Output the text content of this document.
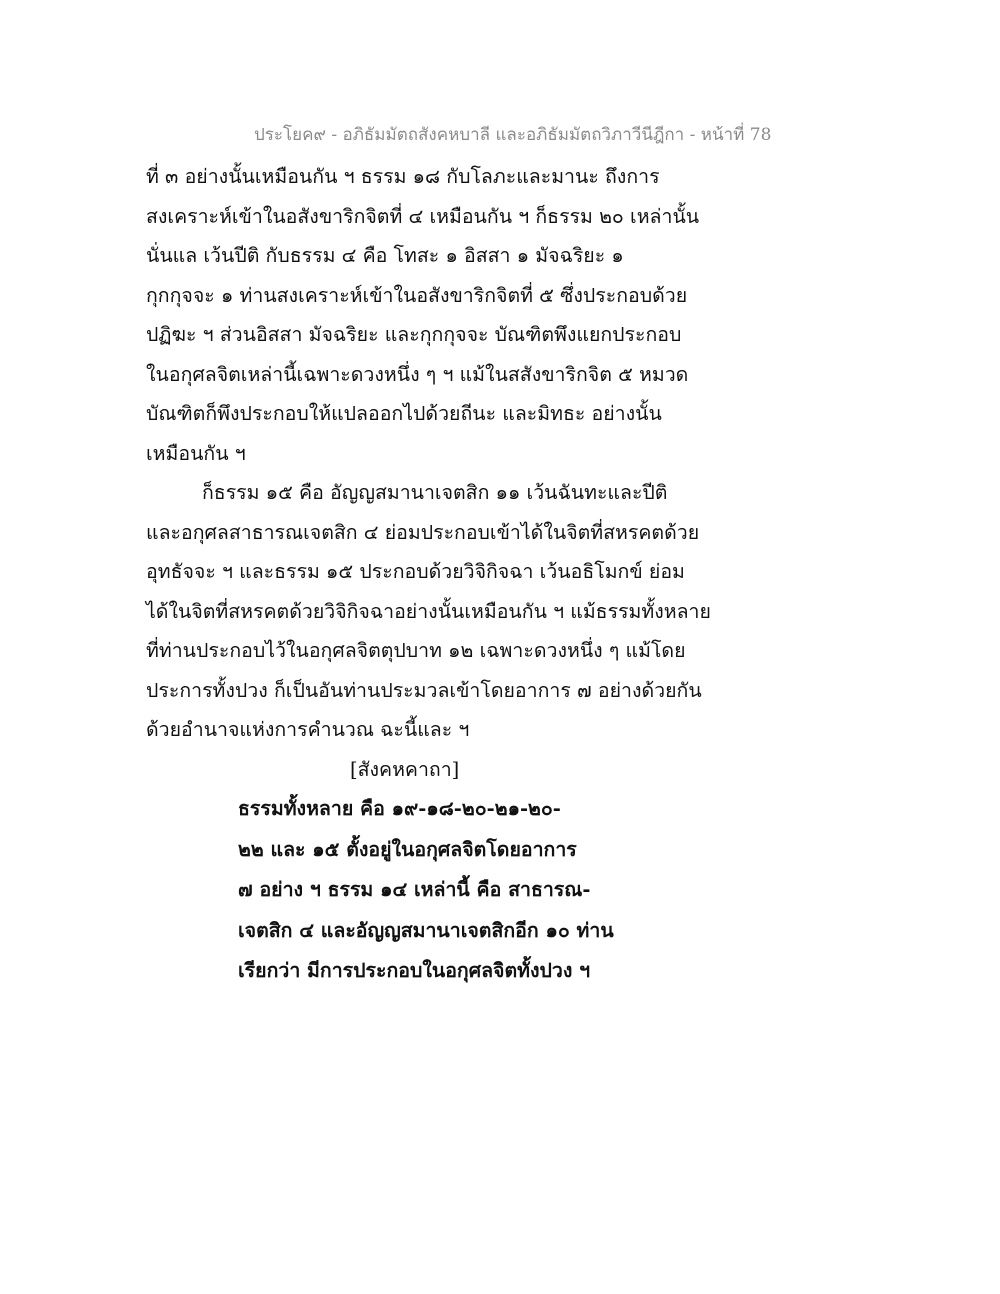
ประโยค๙ - อภิธัมมัตถสังคหบาลี และอภิธัมมัตถวิภาวีนีฎีกา - หน้าที่ 78
ที่ ๓ อย่างนั้นเหมือนกัน ฯ ธรรม ๑๘ กับโลภะและมานะ ถึงการ
สงเคราะห์เข้าในอสังขาริกจิตที่ ๔ เหมือนกัน ฯ ก็ธรรม ๒๐ เหล่านั้น
นั่นแล เว้นปีติ กับธรรม ๔ คือ โทสะ ๑ อิสสา ๑ มัจฉริยะ ๑
กุกกุจจะ ๑ ท่านสงเคราะห์เข้าในอสังขาริกจิตที่ ๕ ซึ่งประกอบด้วย
ปฏิฆะ ฯ ส่วนอิสสา มัจฉริยะ และกุกกุจจะ บัณฑิตพึงแยกประกอบ
ในอกุศลจิตเหล่านี้เฉพาะดวงหนึ่ง ๆ ฯ แม้ในสสังขาริกจิต ๕ หมวด
บัณฑิตก็พึงประกอบให้แปลออกไปด้วยถีนะ และมิทธะ อย่างนั้น
เหมือนกัน ฯ
ก็ธรรม ๑๕ คือ อัญญสมานาเจตสิก ๑๑ เว้นฉันทะและปีติ
และอกุศลสาธารณเจตสิก ๔ ย่อมประกอบเข้าได้ในจิตที่สหรคตด้วย
อุทธัจจะ ฯ และธรรม ๑๕ ประกอบด้วยวิจิกิจฉา เว้นอธิโมกข์ ย่อม
ได้ในจิตที่สหรคตด้วยวิจิกิจฉาอย่างนั้นเหมือนกัน ฯ แม้ธรรมทั้งหลาย
ที่ท่านประกอบไว้ในอกุศลจิตตุปบาท ๑๒ เฉพาะดวงหนึ่ง ๆ แม้โดย
ประการทั้งปวง ก็เป็นอันท่านประมวลเข้าโดยอาการ ๗ อย่างด้วยกัน
ด้วยอำนาจแห่งการคำนวณ ฉะนี้และ ฯ
[สังคหคาถา]
ธรรมทั้งหลาย คือ ๑๙-๑๘-๒๐-๒๑-๒๐-
๒๒ และ ๑๕ ตั้งอยู่ในอกุศลจิตโดยอาการ
๗ อย่าง ฯ ธรรม ๑๔ เหล่านี้ คือ สาธารณ-
เจตสิก ๔ และอัญญสมานาเจตสิกอีก ๑๐ ท่าน
เรียกว่า มีการประกอบในอกุศลจิตทั้งปวง ฯ
